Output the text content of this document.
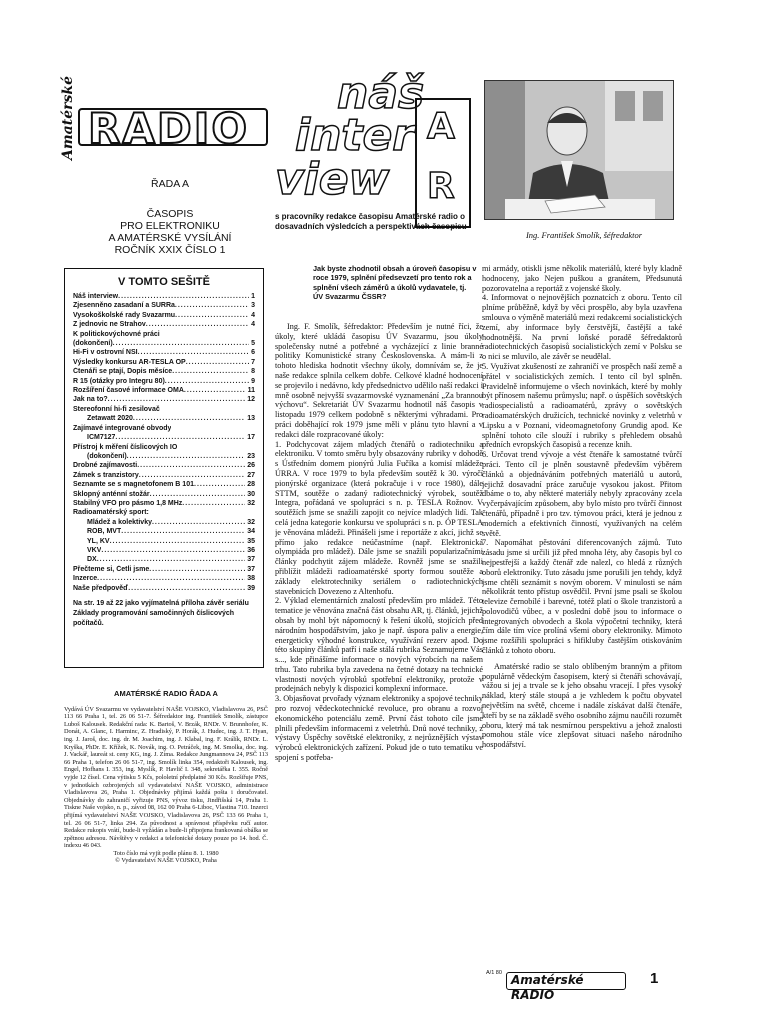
Amatérské RADIO
ŘADA A
ČASOPIS
PRO ELEKTRONIKU
A AMATÉRSKÉ VYSÍLÁNÍ
ROČNÍK XXIX ČÍSLO 1
V TOMTO SEŠITĚ
Náš interview .....	1
Zjesenněno zasadaní a SURRa .....	3
Vysokoškolské rady Svazarmu .....	4
Z jednovic ne Strahov .....	4
K politickovýchovné práci
(dokončení) .....	5
Hi-Fi v ostrovní NSI .....	6
Výsledky konkursu AR-TESLA OP .....	7
Čtenáři se ptají, Dopis měsíce .....	8
R 15 (otázky pro Integru 80) .....	9
Rozšíření časové informace OMA .....	11
Jak na to? .....	12
Stereofonní hi-fi zesilovač
Zetawatt 2020 .....	13
Zajímavé integrované obvody
ICM7127 .....	17
Přístroj k měření číslicových IO
(dokončení) .....	23
Drobné zajímavosti .....	26
Zámek s tranzistory .....	27
Seznamte se s magnetofonem B 101 .....	28
Sklopný anténní stožár .....	30
Stabilný VFO pro pásmo 1,8 MHz .....	32
Radioamatérský sport:
Mládež a kolektivky .....	32
ROB, MVT .....	34
YL, KV .....	35
VKV .....	36
DX .....	37
Přečteme si, Četli jsme .....	37
Inzerce .....	38
Naše předpověď .....	39
Na str. 19 až 22 jako vyjímatelná příloha závěr seriálu
Základy programování samočinných číslicových počítačů.
AMATÉRSKÉ RADIO ŘADA A
Vydává ÚV Svazarmu ve vydavatelství NAŠE VOJSKO, Vladislavova 26, PSČ 113 66 Praha 1, tel. 26 06 51-7. Šéfredaktor ing. František Smolík, zástupce Luboš Kalousek. Redakční rada: K. Bartoš, V. Brzák, RNDr. V. Brunnhofer, K. Donát, A. Glanc, I. Harminc, Z. Hradiský, P. Horák, J. Hudec, ing. J. T. Hyan, ing. J. Jaroš, doc. ing. dr. M. Joachim, ing. J. Klabal, ing. F. Králík, RNDr. L. Kryška, PhDr. E. Křížek, K. Novák, ing. O. Petráček, ing. M. Smolka, doc. ing. J. Vackář, laureát st. ceny KG, ing. J. Zíma. Redakce Jungmannova 24, PSČ 113 66 Praha 1, telefon 26 06 51-7, ing. Smolík linka 354, redaktoři Kalousek, ing. Engel, Hofhans I. 353, ing. Myslík, P. Havlič I. 348, sekretářka I. 355. Ročně vyjde 12 čísel. Cena výtisku 5 Kčs, pololetní předplatné 30 Kčs. Rozšiřuje PNS, v jednotkách ozbrojených sil vydavatelství NAŠE VOJSKO, administrace Vladislavova 26, Praha 1. Objednávky přijímá každá pošta i doručovatel. Objednávky do zahraničí vyřizuje PNS, vývoz tisku, Jindřišská 14, Praha 1. Tiskne Naše vojsko, n. p., závod 08, 162 00 Praha 6-Liboc, Vlastina 710. Inzerci přijímá vydavatelství NAŠE VOJSKO, Vladislavova 26, PSČ 133 66 Praha 1, tel. 26 06 51-7, linka 294. Za původnost a správnost příspěvku ručí autor. Redakce rukopis vrátí, bude-li vyžádán a bude-li připojena frankovaná obálka se zpětnou adresou. Návštěvy v redakci a telefonické dotazy pouze po 14. hod. Č. indexu 46 043.
Toto číslo má vyjít podle plánu 8. 1. 1980
© Vydavatelství NAŠE VOJSKO, Praha
náš
inter
view
A
R
s pracovníky redakce časopisu Amatérské radio o dosavadních výsledcích a perspektivách časopisu
Ing. František Smolík, šéfredaktor
Jak byste zhodnotil obsah a úroveň časopisu v roce 1979, splnění předsevzetí pro tento rok a splnění všech záměrů a úkolů vydavatele, tj. ÚV Svazarmu ČSSR?

Ing. F. Smolík, šéfredaktor: Především je nutné říci, že úkoly, které ukládá časopisu ÚV Svazarmu, jsou úkoly společensky nutné a potřebné a vycházející z linie branné politiky Komunistické strany Československa. A mám-li z tohoto hlediska hodnotit všechny úkoly, domnívám se, že je naše redakce splnila celkem dobře. Celkové kladné hodnocení se projevilo i nedávno, kdy předsednictvo udělilo naší redakci i mně osobně nejvyšší svazarmovské vyznamenání „Za brannou výchovu“. Sekretariát ÚV Svazarmu hodnotil náš časopis v listopadu 1979 celkem podobně s některými výhradami. Pro práci doběhající rok 1979 jsme měli v plánu tyto hlavní a v redakci dále rozpracované úkoly:

1. Podchycovat zájem mladých čtenářů o radiotechniku a elektroniku. V tomto směru byly obsazovány rubriky v dohodě s Ústředním domem pionýrů Julia Fučíka a komisí mládeže ÚRRA. V roce 1979 to byla především soutěž k 30. výročí pionýrské organizace (která pokračuje i v roce 1980), dále STTM, soutěže o zadaný radiotechnický výrobek, soutěž Integra, pořádaná ve spolupráci s n. p. TESLA Rožnov. V soutěžích jsme se snažili zapojit co nejvíce mladých lidí. Tak celá jedna kategorie konkursu ve spolupráci s n. p. ÓP TESLA je věnována mládeži. Přinášeli jsme i reportáže z akcí, jichž se přímo jako redakce neúčastníme (např. Elektronická olympiáda pro mládež). Dále jsme se snažili popularizačními články podchytit zájem mládeže. Rovněž jsme se snažili přiblížit mládeži radioamatérské sporty formou soutěže a základy elektrotechniky seriálem o radiotechnických stavebnicích Dovezeno z Altenhofu.

2. Výklad elementárních znalostí především pro mládež. Této tematice je věnována značná část obsahu AR, tj. článků, jejichž obsah by mohl být nápomocný k řešení úkolů, stojících před národním hospodářstvím, jako je např. úspora paliv a energie, energeticky výhodné konstrukce, využívání rezerv apod. Do této skupiny článků patří i naše stálá rubrika Seznamujeme Vás s..., kde přinášíme informace o nových výrobcích na našem trhu. Tato rubrika byla zavedena na četné dotazy na technické vlastnosti nových výrobků spotřební elektroniky, protože v prodejnách nebyly k dispozici komplexní informace.

3. Objasňovat prvořady význam elektroniky a spojové techniky pro rozvoj vědeckotechnické revoluce, pro obranu a rozvoj ekonomického potenciálu země. První část tohoto cíle jsme plnili především informacemi z veletrhů. Dnů nové techniky, z výstavy Úspěchy sovětské elektroniky, z nejrůznějších výstav výrobců elektronických zařízení. Pokud jde o tuto tematiku ve spojení s potřeba-

mi armády, otiskli jsme několik materiálů, které byly kladně hodnoceny, jako Nejen puškou a granátem, Předsunutá pozorovatelna a reportáž z vojenské školy.

4. Informovat o nejnovějších poznatcích z oboru. Tento cíl plníme průběžně, když by věci prospělo, aby byla uzavřena smlouva o výměně materiálů mezi redakcemi socialistických zemí, aby informace byly čerstvější, častější a také hodnotnější. Na první loňské poradě šéfredaktorů radiotechnických časopisů socialistických zemí v Polsku se o nici se mluvilo, ale závěr se neudělal.

5. Využívat zkušeností ze zahraničí ve prospěch naší země a přátel v socialistických zemích. I tento cíl byl splněn. Pravidelně informujeme o všech novinkách, které by mohly být přínosem našemu průmyslu; např. o úspěších sovětských radiospecialistů a radioamatérů, zprávy o sovětských radioamatérských družicích, technické novinky z veletrhů v Lipsku a v Poznani, videomagnetofony Grundig apod. Ke splnění tohoto cíle slouží i rubriky s přehledem obsahů předních evropských časopisů a recenze knih.

6. Určovat trend vývoje a vést čtenáře k samostatné tvůrčí práci. Tento cíl je plněn soustavně především výběrem článků a objednáváním potřebných materiálů u autorů, jejichž dosavadní práce zaručuje vysokou jakost. Přitom dbáme o to, aby některé materiály nebyly zpracovány zcela vyčerpávajícím způsobem, aby bylo místo pro tvůrčí činnost čtenářů, případně i pro tzv. týmovou práci, která je jednou z moderních a efektivních činností, využívaných na celém světě.

7. Napomáhat pěstování diferencovaných zájmů. Tuto zásadu jsme si určili již před mnoha léty, aby časopis byl co nejpestřejší a každý čtenář zde nalezl, co hledá z různých oborů elektroniky. Tuto zásadu jsme porušili jen tehdy, když jsme chtěli seznámit s novým oborem. V minulosti se nám několikrát tento přístup osvědčil. První jsme psali se školou televize černobílé i barevné, totéž platí o škole tranzistorů a polovodičů vůbec, a v poslední době jsou to informace o integrovaných obvodech a škola výpočetní techniky, která čím dále tím více prolíná všemi obory elektroniky. Mimoto jsme rozšířili spolupráci s hifikluby častějším otiskováním článků z tohoto oboru.

Amatérské radio se stalo oblíbeným branným a přitom populárně vědeckým časopisem, který si čtenáři schovávají, vážou si jej a trvale se k jeho obsahu vracejí. I přes vysoký náklad, který stále stoupá a je vzhledem k počtu obyvatel největším na světě, chceme i nadále získávat další čtenáře, kteří by se na základě svého osobního zájmu naučili rozumět oboru, který má tak nesmírnou perspektivu a jehož znalosti pomohou stále více zlepšovat situaci našeho národního hospodářství.

A/1 80 Amatérské RADIO
1
